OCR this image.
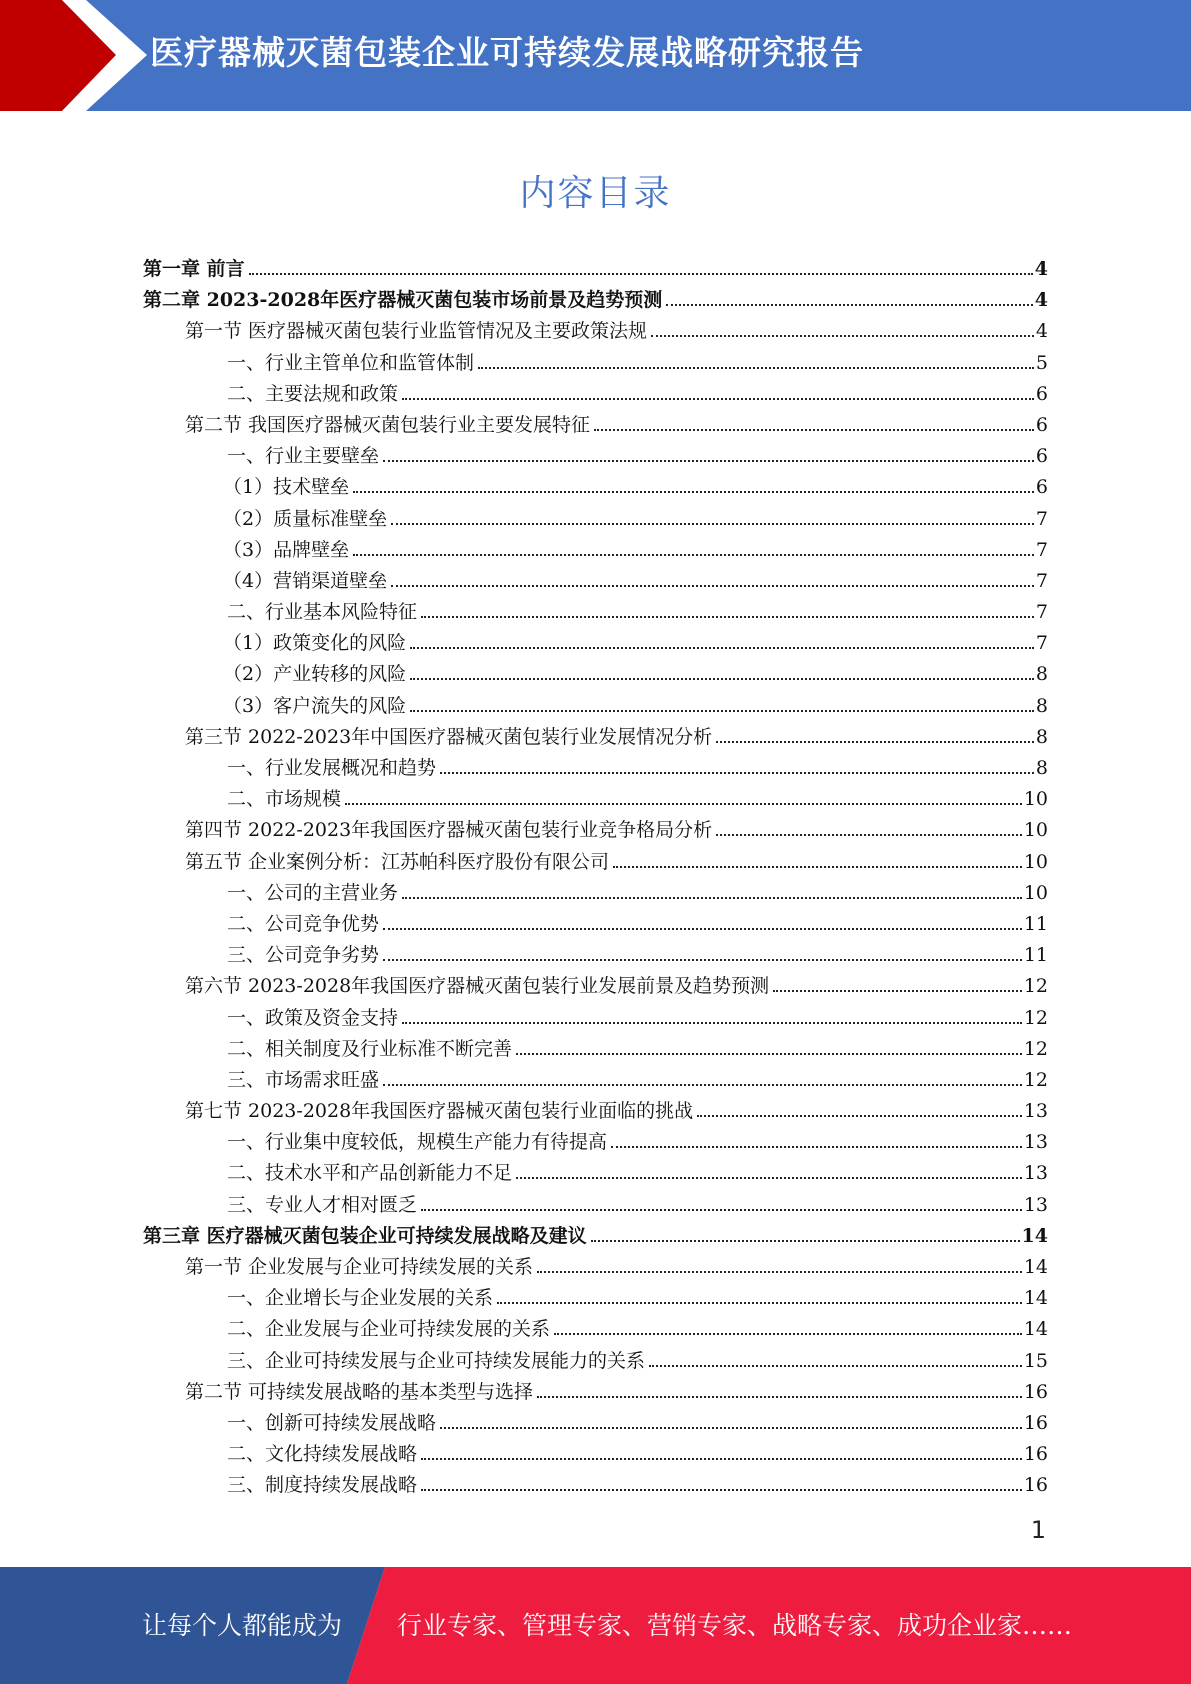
医疗器械灭菌包装企业可持续发展战略研究报告
内容目录
第一章 前言	4
第二章 2023-2028年医疗器械灭菌包装市场前景及趋势预测	4
第一节 医疗器械灭菌包装行业监管情况及主要政策法规	4
一、行业主管单位和监管体制	5
二、主要法规和政策	6
第二节 我国医疗器械灭菌包装行业主要发展特征	6
一、行业主要壁垒	6
（1）技术壁垒	6
（2）质量标准壁垒	7
（3）品牌壁垒	7
（4）营销渠道壁垒	7
二、行业基本风险特征	7
（1）政策变化的风险	7
（2）产业转移的风险	8
（3）客户流失的风险	8
第三节 2022-2023年中国医疗器械灭菌包装行业发展情况分析	8
一、行业发展概况和趋势	8
二、市场规模	10
第四节 2022-2023年我国医疗器械灭菌包装行业竞争格局分析	10
第五节 企业案例分析：江苏帕科医疗股份有限公司	10
一、公司的主营业务	10
二、公司竞争优势	11
三、公司竞争劣势	11
第六节 2023-2028年我国医疗器械灭菌包装行业发展前景及趋势预测	12
一、政策及资金支持	12
二、相关制度及行业标准不断完善	12
三、市场需求旺盛	12
第七节 2023-2028年我国医疗器械灭菌包装行业面临的挑战	13
一、行业集中度较低，规模生产能力有待提高	13
二、技术水平和产品创新能力不足	13
三、专业人才相对匮乏	13
第三章 医疗器械灭菌包装企业可持续发展战略及建议	14
第一节 企业发展与企业可持续发展的关系	14
一、企业增长与企业发展的关系	14
二、企业发展与企业可持续发展的关系	14
三、企业可持续发展与企业可持续发展能力的关系	15
第二节 可持续发展战略的基本类型与选择	16
一、创新可持续发展战略	16
二、文化持续发展战略	16
三、制度持续发展战略	16
1
让每个人都能成为 行业专家、管理专家、营销专家、战略专家、成功企业家……
